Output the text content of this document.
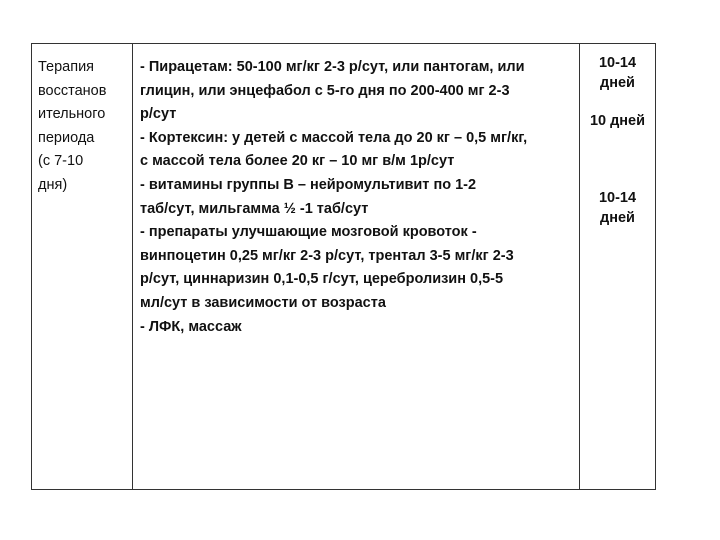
Терапия
восстанов
ительного
периода
(с 7-10
дня)
- Пирацетам: 50-100 мг/кг 2-3 р/сут, или пантогам, или
глицин, или энцефабол с 5-го дня по 200-400 мг 2-3
р/сут
- Кортексин: у детей с массой тела до 20 кг – 0,5 мг/кг,
с массой тела более 20 кг – 10 мг в/м 1р/сут
- витамины группы В – нейромультивит по 1-2
таб/сут, мильгамма ½ -1 таб/сут
- препараты улучшающие мозговой кровоток -
винпоцетин 0,25 мг/кг 2-3 р/сут, трентал 3-5 мг/кг 2-3
р/сут, циннаризин 0,1-0,5 г/сут, церебролизин 0,5-5
мл/сут в зависимости от возраста
- ЛФК, массаж
10-14
дней
10 дней
10-14
дней
